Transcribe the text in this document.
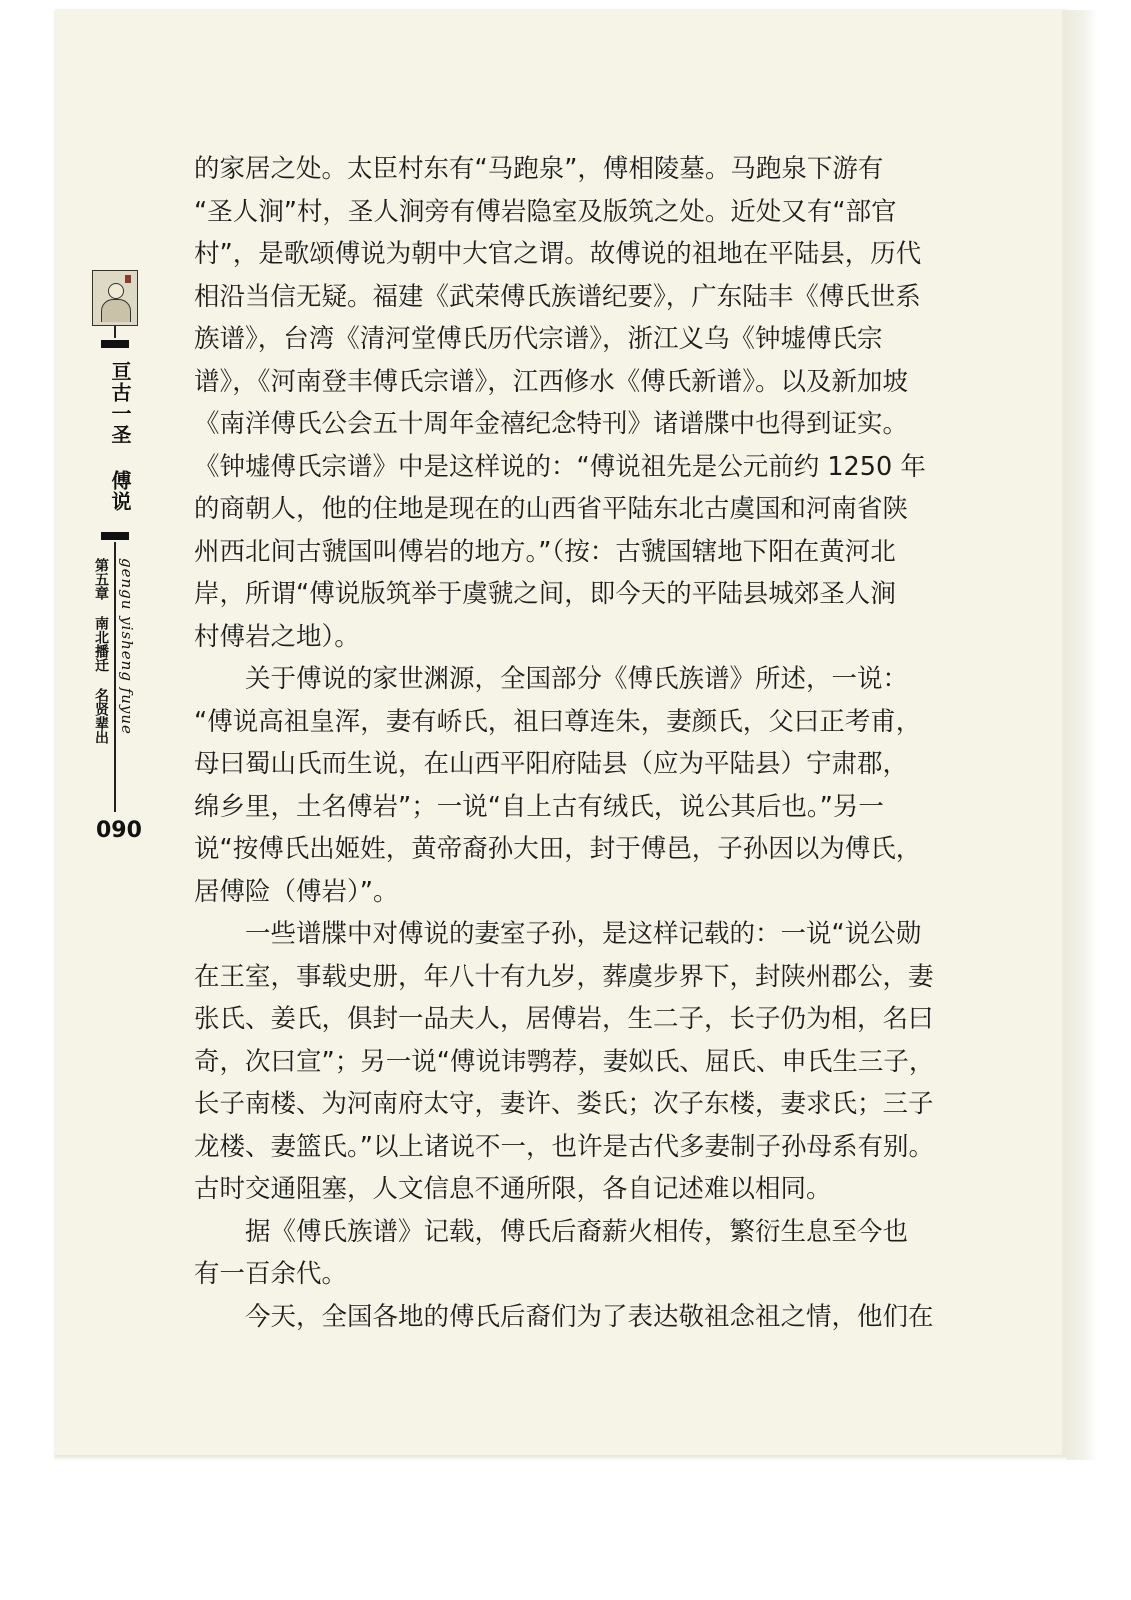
亘古一圣 傅说
第五章 南北播迁 名贤辈出 gengu yisheng fuyue
090
的家居之处。太臣村东有“马跑泉”，傅相陵墓。马跑泉下游有
“圣人涧”村，圣人涧旁有傅岩隐室及版筑之处。近处又有“部官
村”，是歌颂傅说为朝中大官之谓。故傅说的祖地在平陆县，历代
相沿当信无疑。福建《武荣傅氏族谱纪要》，广东陆丰《傅氏世系
族谱》，台湾《清河堂傅氏历代宗谱》，浙江义乌《钟墟傅氏宗
谱》，《河南登丰傅氏宗谱》，江西修水《傅氏新谱》。以及新加坡
《南洋傅氏公会五十周年金禧纪念特刊》诸谱牒中也得到证实。
《钟墟傅氏宗谱》中是这样说的：“傅说祖先是公元前约 1250 年
的商朝人，他的住地是现在的山西省平陆东北古虞国和河南省陕
州西北间古虢国叫傅岩的地方。”（按：古虢国辖地下阳在黄河北
岸，所谓“傅说版筑举于虞虢之间，即今天的平陆县城郊圣人涧
村傅岩之地）。
　　关于傅说的家世渊源，全国部分《傅氏族谱》所述，一说：
“傅说高祖皇浑，妻有峤氏，祖曰尊连朱，妻颜氏，父曰正考甫，
母曰蜀山氏而生说，在山西平阳府陆县（应为平陆县）宁肃郡，
绵乡里，土名傅岩”；一说“自上古有绒氏，说公其后也。”另一
说“按傅氏出姬姓，黄帝裔孙大田，封于傅邑，子孙因以为傅氏，
居傅险（傅岩）”。
　　一些谱牒中对傅说的妻室子孙，是这样记载的：一说“说公勋
在王室，事载史册，年八十有九岁，葬虞步界下，封陕州郡公，妻
张氏、姜氏，俱封一品夫人，居傅岩，生二子，长子仍为相，名曰
奇，次曰宣”；另一说“傅说讳鹗荐，妻姒氏、屈氏、申氏生三子，
长子南楼、为河南府太守，妻许、娄氏；次子东楼，妻求氏；三子
龙楼、妻篮氏。”以上诸说不一，也许是古代多妻制子孙母系有别。
古时交通阻塞，人文信息不通所限，各自记述难以相同。
　　据《傅氏族谱》记载，傅氏后裔薪火相传，繁衍生息至今也
有一百余代。
　　今天，全国各地的傅氏后裔们为了表达敬祖念祖之情，他们在
